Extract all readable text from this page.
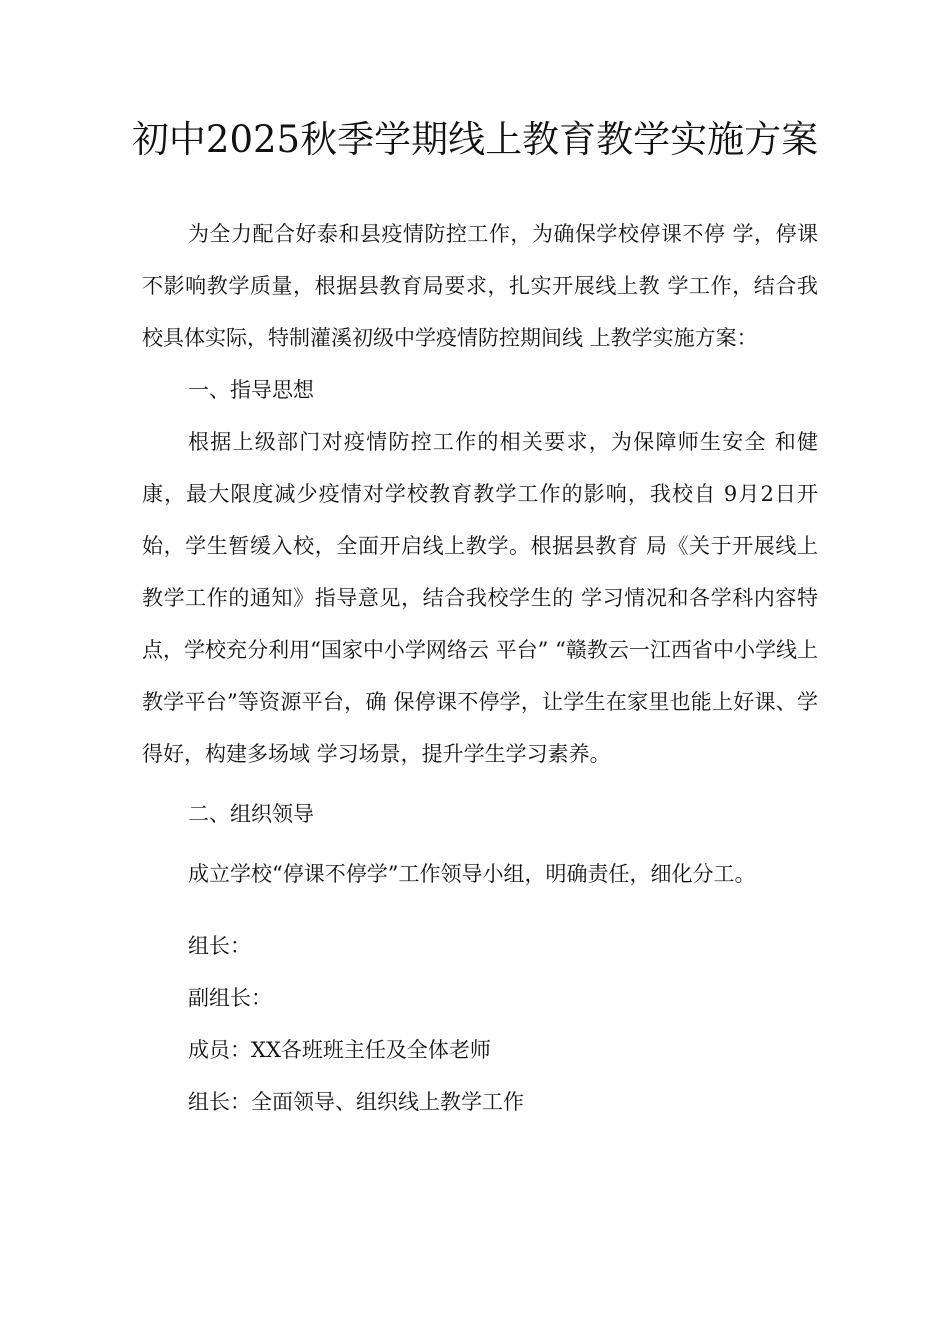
初中2025秋季学期线上教育教学实施方案

为全力配合好泰和县疫情防控工作，为确保学校停课不停 学，停课不影响教学质量，根据县教育局要求，扎实开展线上教 学工作，结合我校具体实际，特制灌溪初级中学疫情防控期间线 上教学实施方案：

一、指导思想

根据上级部门对疫情防控工作的相关要求，为保障师生安全 和健康，最大限度减少疫情对学校教育教学工作的影响，我校自 9月2日开始，学生暂缓入校，全面开启线上教学。根据县教育 局《关于开展线上教学工作的通知》指导意见，结合我校学生的 学习情况和各学科内容特点，学校充分利用“国家中小学网络云 平台” “赣教云一江西省中小学线上教学平台”等资源平台，确 保停课不停学，让学生在家里也能上好课、学得好，构建多场域 学习场景，提升学生学习素养。

二、组织领导

成立学校“停课不停学”工作领导小组，明确责任，细化分工。

组长：

副组长：

成员：XX各班班主任及全体老师

组长：全面领导、组织线上教学工作
